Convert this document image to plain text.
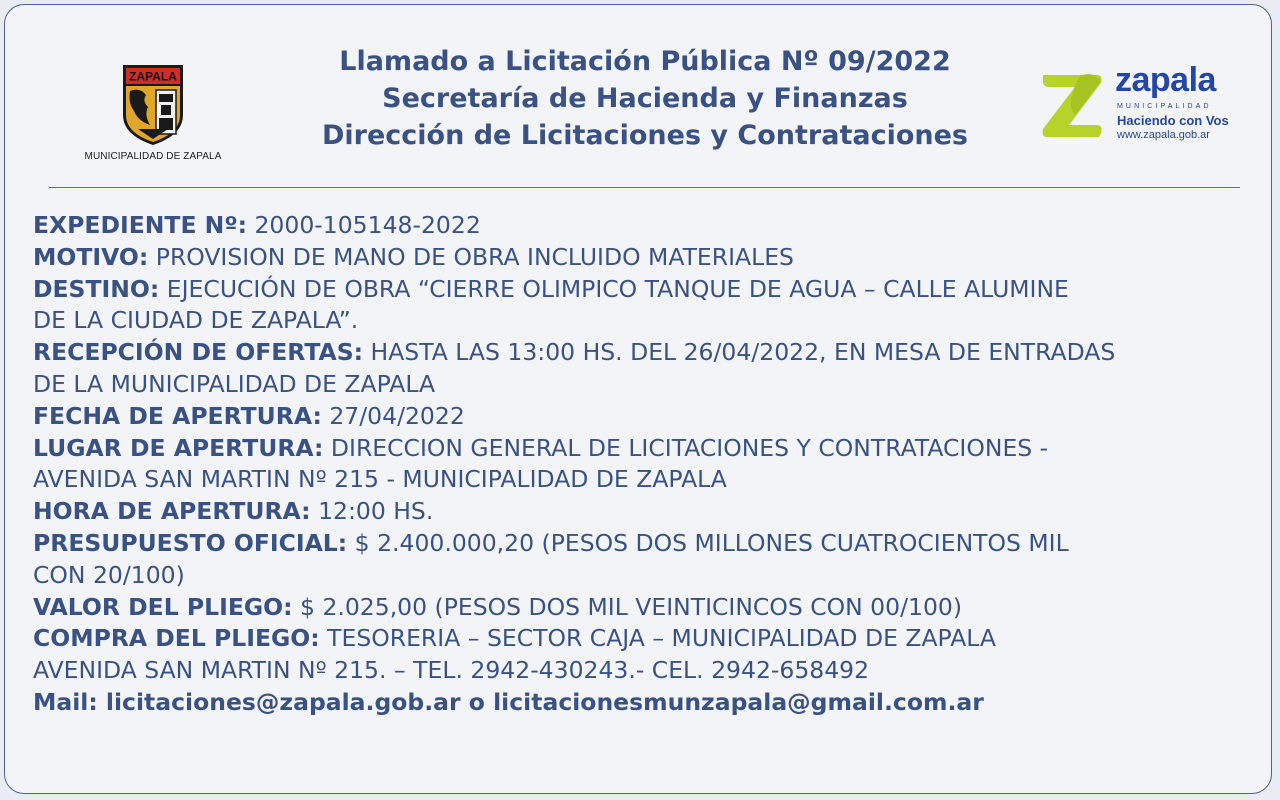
ZAPALA
MUNICIPALIDAD DE ZAPALA
Llamado a Licitación Pública Nº 09/2022
Secretaría de Hacienda y Finanzas
Dirección de Licitaciones y Contrataciones
zapala
MUNICIPALIDAD
Haciendo con Vos
www.zapala.gob.ar
EXPEDIENTE Nº: 2000-105148-2022
MOTIVO: PROVISION DE MANO DE OBRA INCLUIDO MATERIALES
DESTINO: EJECUCIÓN DE OBRA “CIERRE OLIMPICO TANQUE DE AGUA – CALLE ALUMINE
DE LA CIUDAD DE ZAPALA”.
RECEPCIÓN DE OFERTAS: HASTA LAS 13:00 HS. DEL 26/04/2022, EN MESA DE ENTRADAS
DE LA MUNICIPALIDAD DE ZAPALA
FECHA DE APERTURA: 27/04/2022
LUGAR DE APERTURA: DIRECCION GENERAL DE LICITACIONES Y CONTRATACIONES -
AVENIDA SAN MARTIN Nº 215 - MUNICIPALIDAD DE ZAPALA
HORA DE APERTURA: 12:00 HS.
PRESUPUESTO OFICIAL: $ 2.400.000,20 (PESOS DOS MILLONES CUATROCIENTOS MIL
CON 20/100)
VALOR DEL PLIEGO: $ 2.025,00 (PESOS DOS MIL VEINTICINCOS CON 00/100)
COMPRA DEL PLIEGO: TESORERIA – SECTOR CAJA – MUNICIPALIDAD DE ZAPALA
AVENIDA SAN MARTIN Nº 215. – TEL. 2942-430243.- CEL. 2942-658492
Mail: licitaciones@zapala.gob.ar o licitacionesmunzapala@gmail.com.ar
